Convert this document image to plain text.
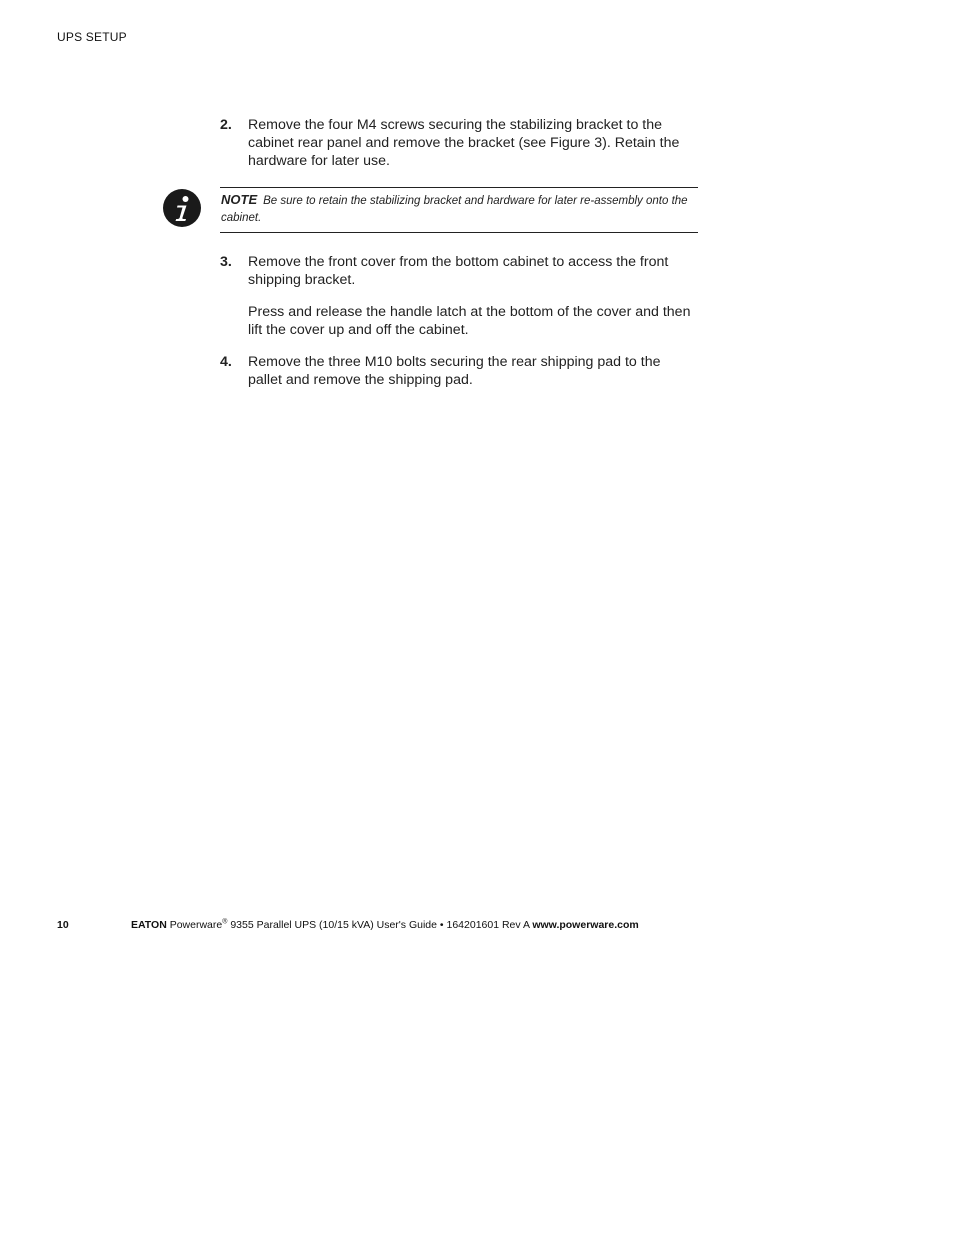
UPS SETUP
2. Remove the four M4 screws securing the stabilizing bracket to the cabinet rear panel and remove the bracket (see Figure 3). Retain the hardware for later use.

NOTE Be sure to retain the stabilizing bracket and hardware for later re-assembly onto the cabinet.
3. Remove the front cover from the bottom cabinet to access the front shipping bracket.

Press and release the handle latch at the bottom of the cover and then lift the cover up and off the cabinet.

4. Remove the three M10 bolts securing the rear shipping pad to the pallet and remove the shipping pad.

10	EATON Powerware® 9355 Parallel UPS (10/15 kVA) User's Guide • 164201601 Rev A www.powerware.com
